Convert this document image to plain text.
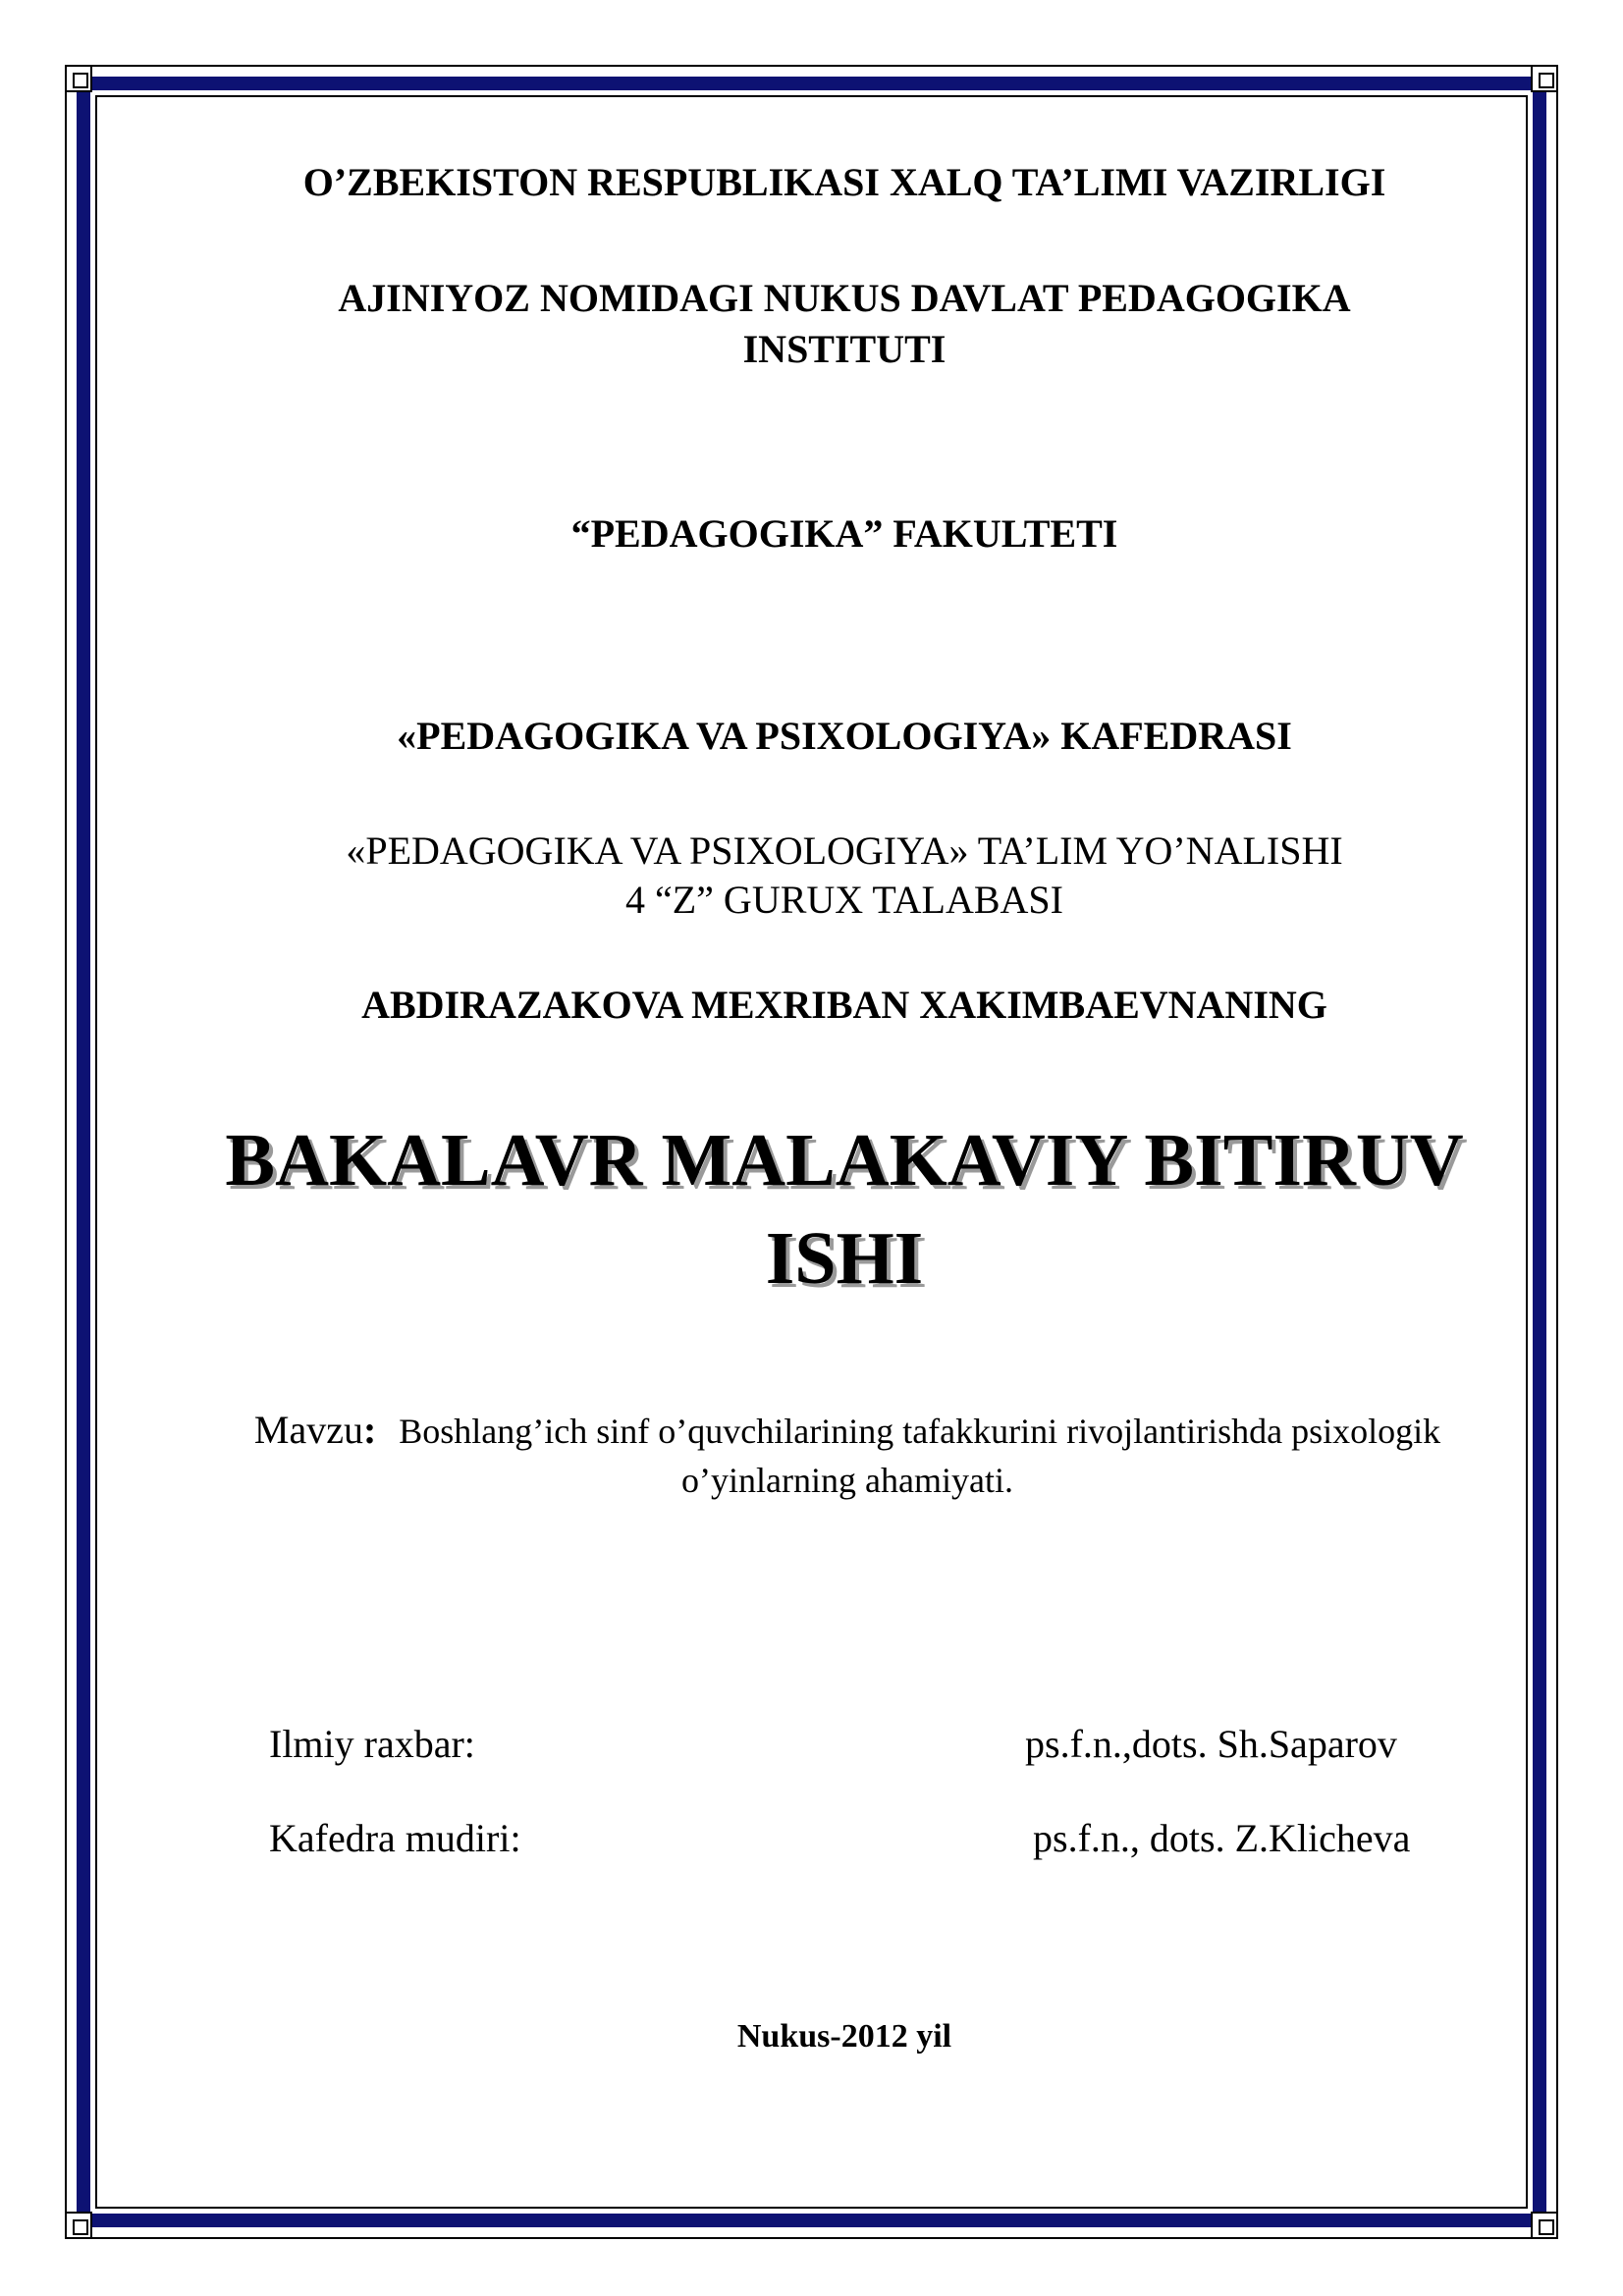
O’ZBEKISTON RESPUBLIKASI XALQ TA’LIMI VAZIRLIGI

AJINIYOZ NOMIDAGI NUKUS DAVLAT PEDAGOGIKA

INSTITUTI

“PEDAGOGIKA” FAKULTETI

«PEDAGOGIKA VA PSIXOLOGIYA» KAFEDRASI

«PEDAGOGIKA VA PSIXOLOGIYA» TA’LIM YO’NALISHI

4 “Z” GURUX TALABASI

ABDIRAZAKOVA MEXRIBAN XAKIMBAEVNANING

BAKALAVR MALAKAVIY BITIRUV

ISHI

Mavzu: Boshlang’ich sinf o’quvchilarining tafakkurini rivojlantirishda psixologik o’yinlarning ahamiyati.

Ilmiy raxbar:	ps.f.n.,dots. Sh.Saparov

Kafedra mudiri:	ps.f.n., dots. Z.Klicheva

Nukus-2012 yil
